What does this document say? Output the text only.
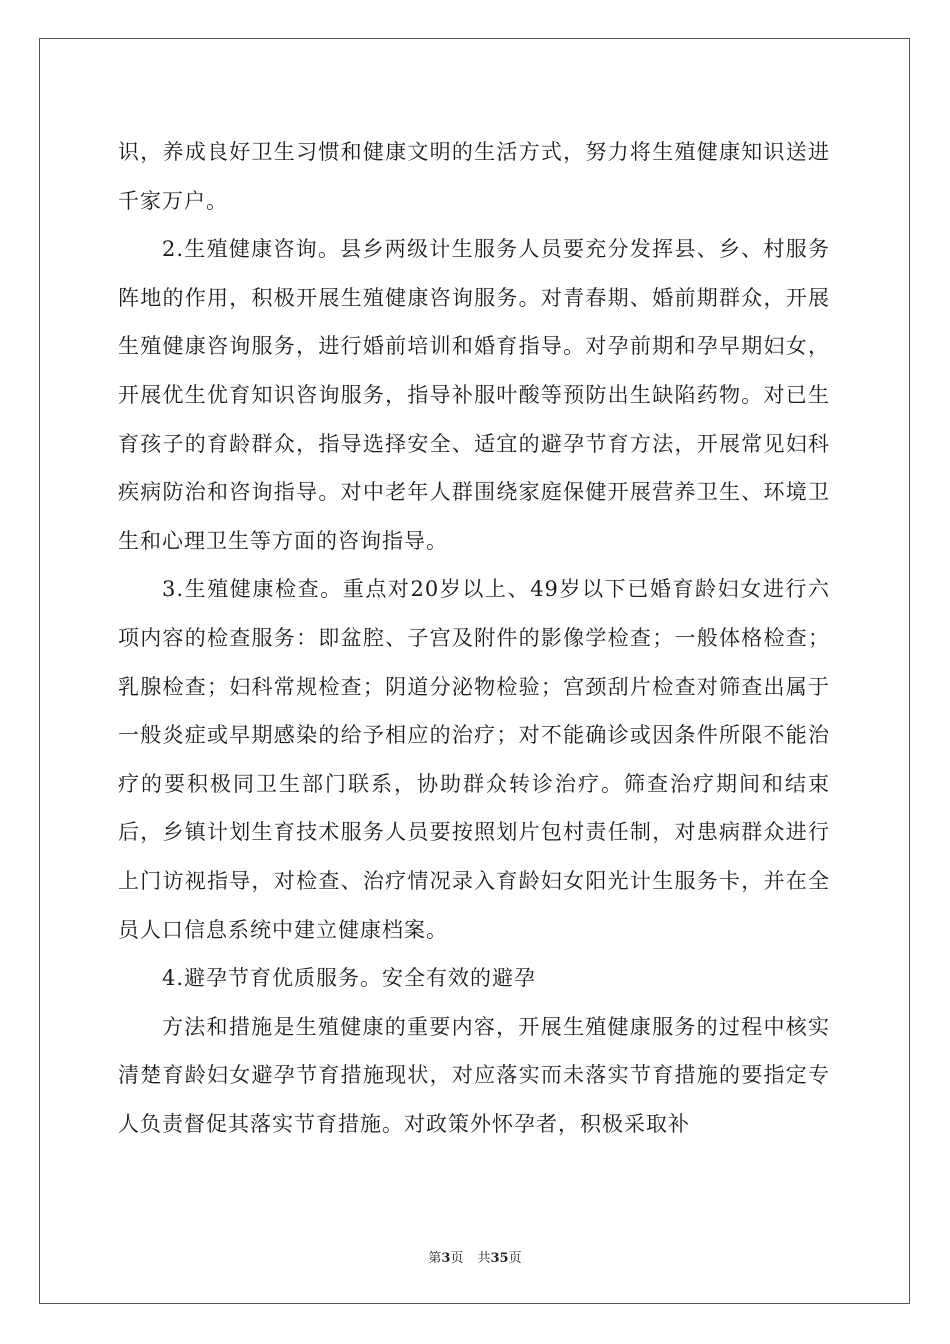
识，养成良好卫生习惯和健康文明的生活方式，努力将生殖健康知识送进千家万户。

2.生殖健康咨询。县乡两级计生服务人员要充分发挥县、乡、村服务阵地的作用，积极开展生殖健康咨询服务。对青春期、婚前期群众，开展生殖健康咨询服务，进行婚前培训和婚育指导。对孕前期和孕早期妇女，开展优生优育知识咨询服务，指导补服叶酸等预防出生缺陷药物。对已生育孩子的育龄群众，指导选择安全、适宜的避孕节育方法，开展常见妇科疾病防治和咨询指导。对中老年人群围绕家庭保健开展营养卫生、环境卫生和心理卫生等方面的咨询指导。

3.生殖健康检查。重点对20岁以上、49岁以下已婚育龄妇女进行六项内容的检查服务：即盆腔、子宫及附件的影像学检查；一般体格检查；乳腺检查；妇科常规检查；阴道分泌物检验；宫颈刮片检查对筛查出属于一般炎症或早期感染的给予相应的治疗；对不能确诊或因条件所限不能治疗的要积极同卫生部门联系，协助群众转诊治疗。筛查治疗期间和结束后，乡镇计划生育技术服务人员要按照划片包村责任制，对患病群众进行上门访视指导，对检查、治疗情况录入育龄妇女阳光计生服务卡，并在全员人口信息系统中建立健康档案。

4.避孕节育优质服务。安全有效的避孕

方法和措施是生殖健康的重要内容，开展生殖健康服务的过程中核实清楚育龄妇女避孕节育措施现状，对应落实而未落实节育措施的要指定专人负责督促其落实节育措施。对政策外怀孕者，积极采取补

第3页 共35页
